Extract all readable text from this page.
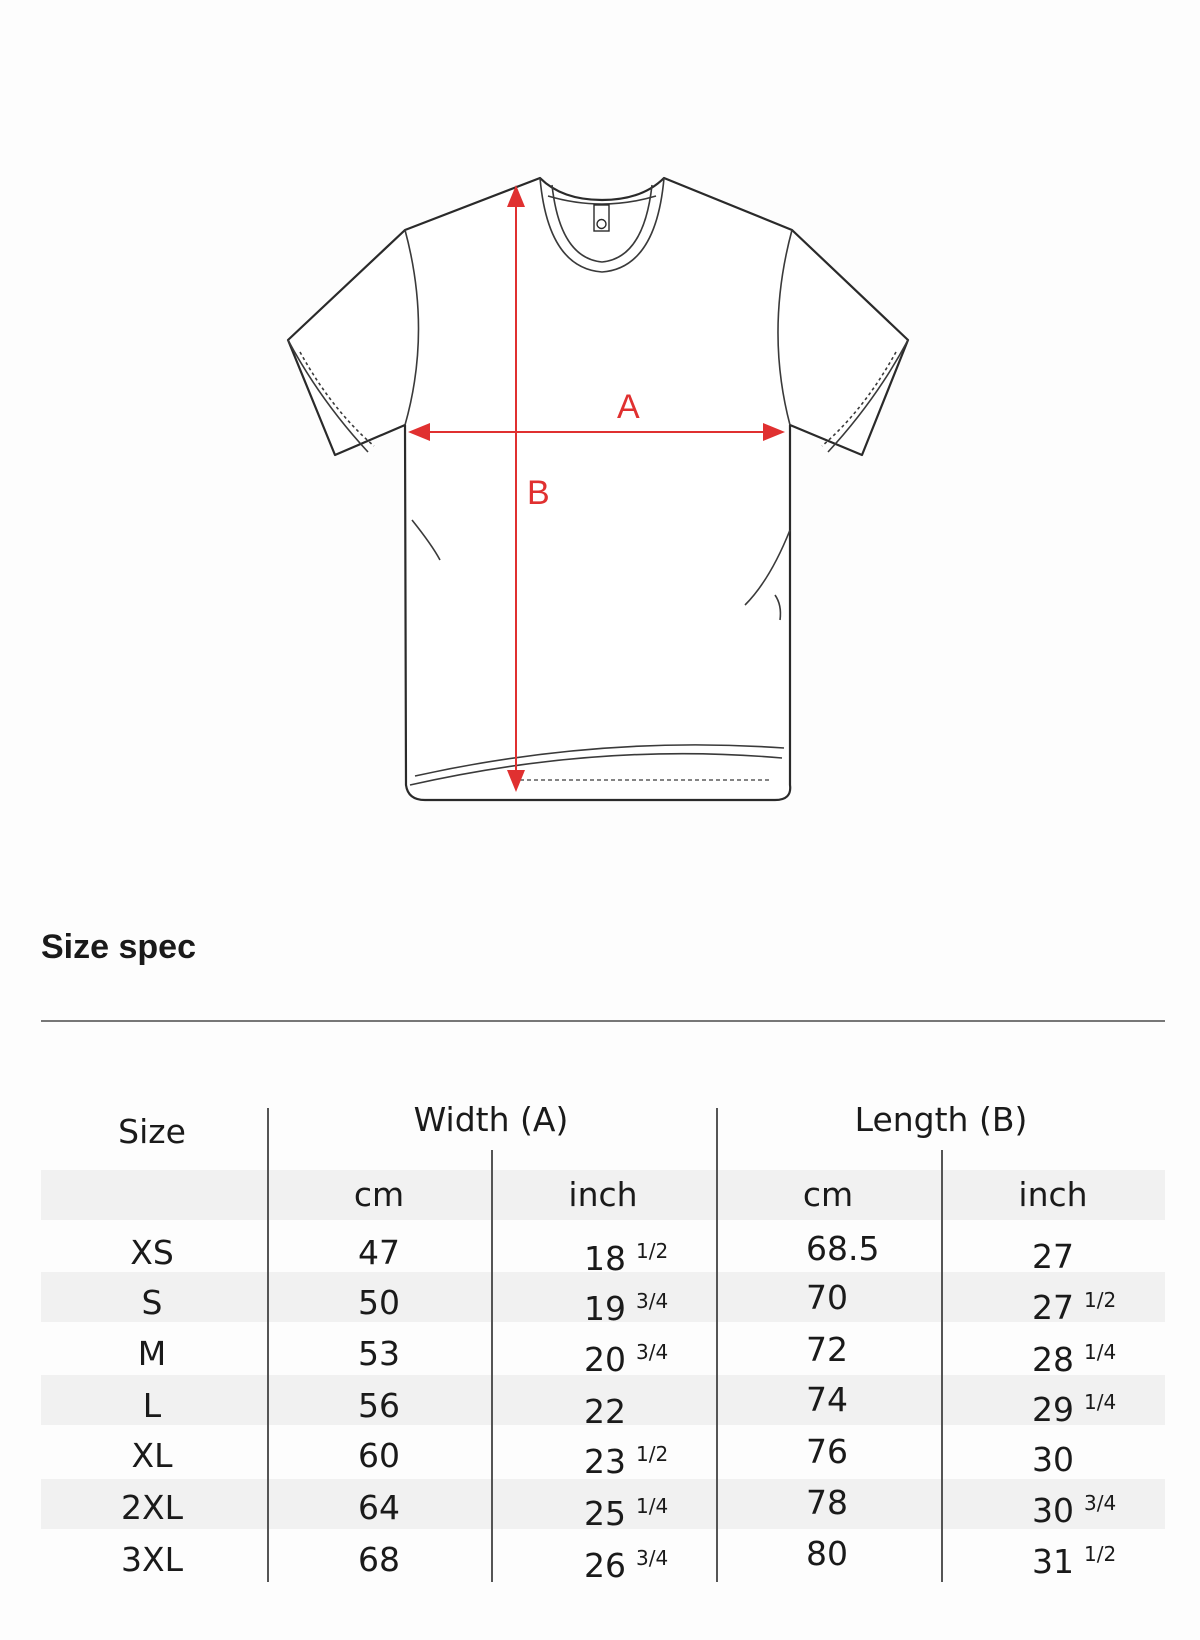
A
B
Size spec
Size	Width (A)	Length (B)
cm	inch	cm	inch
XS	47	18 $^{1/2}$	68.5	27
S	50	19 $^{3/4}$	70	27 $^{1/2}$
M	53	20 $^{3/4}$	72	28 $^{1/4}$
L	56	22	74	29 $^{1/4}$
XL	60	23 $^{1/2}$	76	30
2XL	64	25 $^{1/4}$	78	30 $^{3/4}$
3XL	68	26 $^{3/4}$	80	31 $^{1/2}$
